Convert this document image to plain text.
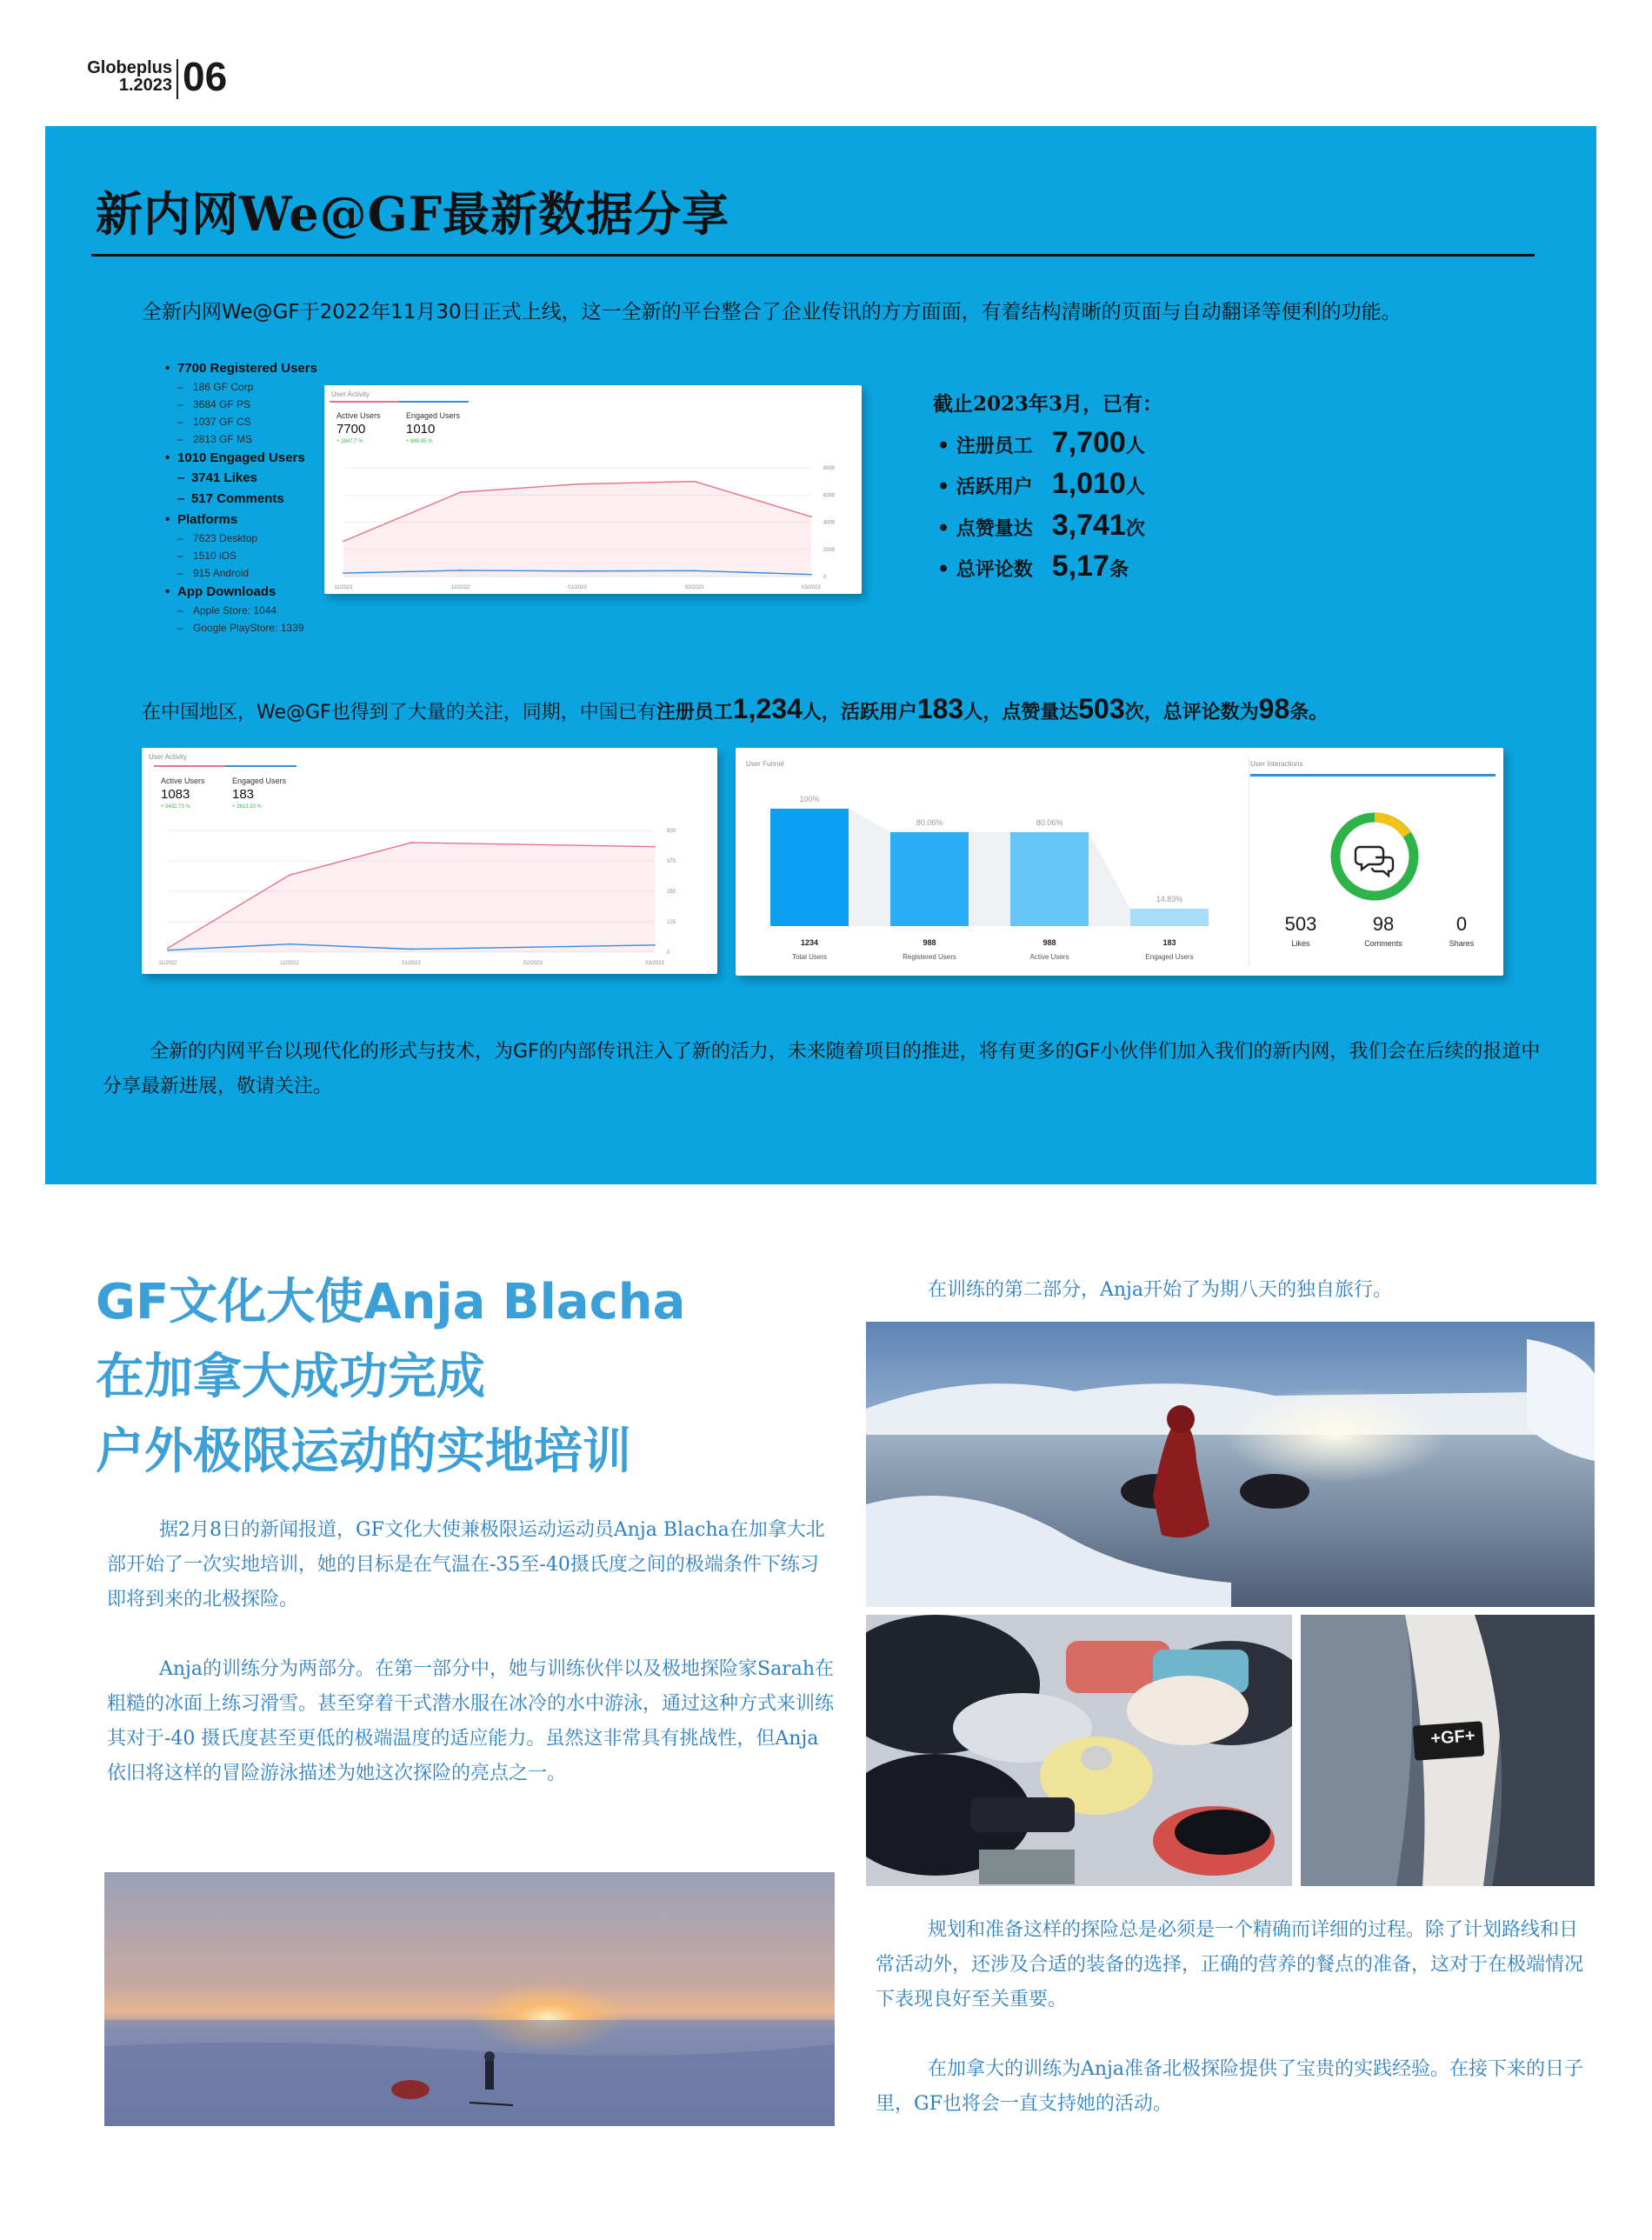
Globeplus
1.2023 06
新内网We@GF最新数据分享
全新内网We@GF于2022年11月30日正式上线，这一全新的平台整合了企业传讯的方方面面，有着结构清晰的页面与自动翻译等便利的功能。
• 7700 Registered Users
– 186 GF Corp
– 3684 GF PS
– 1037 GF CS
– 2813 GF MS
• 1010 Engaged Users
– 3741 Likes
– 517 Comments
• Platforms
– 7623 Desktop
– 1510 iOS
– 915 Android
• App Downloads
– Apple Store: 1044
– Google PlayStore: 1339
User Activity
Active Users
7700
+ 2847.7 %
Engaged Users
1010
+ 889.05 %
8000
6000
4000
2000
0
11/2022	12/2022	01/2023	02/2023	03/2023
截止2023年3月，已有：
• 注册员工 7,700人
• 活跃用户 1,010人
• 点赞量达 3,741次
• 总评论数 5,17条
在中国地区，We@GF也得到了大量的关注，同期，中国已有注册员工1,234人，活跃用户183人，点赞量达503次，总评论数为98条。
User Activity
Active Users
1083
+ 5432.73 %
Engaged Users
183
+ 2613.33 %
500
375
250
125
0
11/2022	12/2022	01/2023	02/2023	03/2023
User Funnel
100%
1234
Total Users
80.06%
988
Registered Users
80.06%
988
Active Users
14.83%
183
Engaged Users
User Interactions
503	98	0
Likes	Comments	Shares
全新的内网平台以现代化的形式与技术，为GF的内部传讯注入了新的活力，未来随着项目的推进，将有更多的GF小伙伴们加入我们的新内网，我们会在后续的报道中分享最新进展，敬请关注。
GF文化大使Anja Blacha
在加拿大成功完成
户外极限运动的实地培训
据2月8日的新闻报道，GF文化大使兼极限运动运动员Anja Blacha在加拿大北部开始了一次实地培训，她的目标是在气温在-35至-40摄氏度之间的极端条件下练习即将到来的北极探险。
Anja的训练分为两部分。在第一部分中，她与训练伙伴以及极地探险家Sarah在粗糙的冰面上练习滑雪。甚至穿着干式潜水服在冰冷的水中游泳，通过这种方式来训练其对于-40 摄氏度甚至更低的极端温度的适应能力。虽然这非常具有挑战性，但Anja依旧将这样的冒险游泳描述为她这次探险的亮点之一。
在训练的第二部分，Anja开始了为期八天的独自旅行。
+GF+
规划和准备这样的探险总是必须是一个精确而详细的过程。除了计划路线和日常活动外，还涉及合适的装备的选择，正确的营养的餐点的准备，这对于在极端情况下表现良好至关重要。
在加拿大的训练为Anja准备北极探险提供了宝贵的实践经验。在接下来的日子里，GF也将会一直支持她的活动。
